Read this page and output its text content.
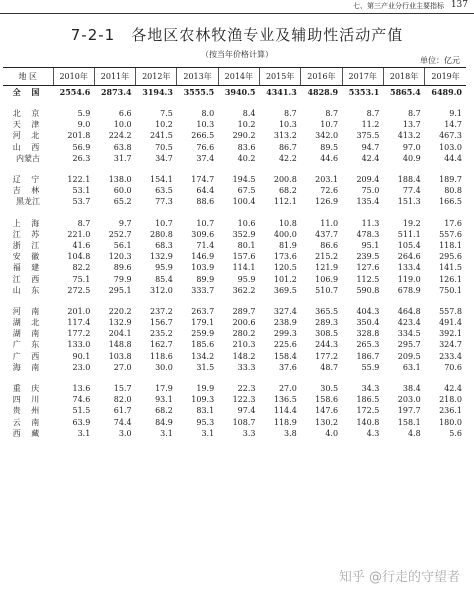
七、第三产业分行业主要指标 137
7-2-1 各地区农林牧渔专业及辅助性活动产值
（按当年价格计算）
单位：亿元
地 区	2010年	2011年	2012年	2013年	2014年	2015年	2016年	2017年	2018年	2019年
全 国	2554.6	2873.4	3194.3	3555.5	3940.5	4341.3	4828.9	5353.1	5865.4	6489.0

北 京	5.9	6.6	7.5	8.0	8.4	8.7	8.7	8.7	8.7	9.1
天 津	9.0	10.0	10.2	10.3	10.2	10.3	10.7	11.2	13.7	14.7
河 北	201.8	224.2	241.5	266.5	290.2	313.2	342.0	375.5	413.2	467.3
山 西	56.9	63.8	70.5	76.6	83.6	86.7	89.5	94.7	97.0	103.0
内蒙古	26.3	31.7	34.7	37.4	40.2	42.2	44.6	42.4	40.9	44.4

辽 宁	122.1	138.0	154.1	174.7	194.5	200.8	203.1	209.4	188.4	189.7
吉 林	53.1	60.0	63.5	64.4	67.5	68.2	72.6	75.0	77.4	80.8
黑龙江	53.7	65.2	77.3	88.6	100.4	112.1	126.9	135.4	151.3	166.5

上 海	8.7	9.7	10.7	10.7	10.6	10.8	11.0	11.3	19.2	17.6
江 苏	221.0	252.7	280.8	309.6	352.9	400.0	437.7	478.3	511.1	557.6
浙 江	41.6	56.1	68.3	71.4	80.1	81.9	86.6	95.1	105.4	118.1
安 徽	104.8	120.3	132.9	146.9	157.6	173.6	215.2	239.5	264.6	295.6
福 建	82.2	89.6	95.9	103.9	114.1	120.5	121.9	127.6	133.4	141.5
江 西	75.1	79.9	85.4	89.9	95.9	101.2	106.9	112.5	119.0	126.1
山 东	272.5	295.1	312.0	333.7	362.2	369.5	510.7	590.8	678.9	750.1

河 南	201.0	220.2	237.2	263.7	289.7	327.4	365.5	404.3	464.8	557.8
湖 北	117.4	132.9	156.7	179.1	200.6	238.9	289.3	350.4	423.4	491.4
湖 南	177.2	204.1	235.2	259.9	280.2	299.3	308.5	328.8	334.5	392.1
广 东	133.0	148.8	162.7	185.6	210.3	225.6	244.3	265.3	295.7	324.7
广 西	90.1	103.8	118.6	134.2	148.2	158.4	177.2	186.7	209.5	233.4
海 南	23.0	27.0	30.0	31.5	33.3	37.6	48.7	55.9	63.1	70.6

重 庆	13.6	15.7	17.9	19.9	22.3	27.0	30.5	34.3	38.4	42.4
四 川	74.6	82.0	93.1	109.3	122.3	136.5	158.6	186.5	203.0	218.0
贵 州	51.5	61.7	68.2	83.1	97.4	114.4	147.6	172.5	197.7	236.1
云 南	63.9	74.4	84.9	95.3	108.7	118.9	130.2	140.8	158.1	180.0
西 藏	3.1	3.0	3.1	3.1	3.3	3.8	4.0	4.3	4.8	5.6
知乎 @行走的守望者
